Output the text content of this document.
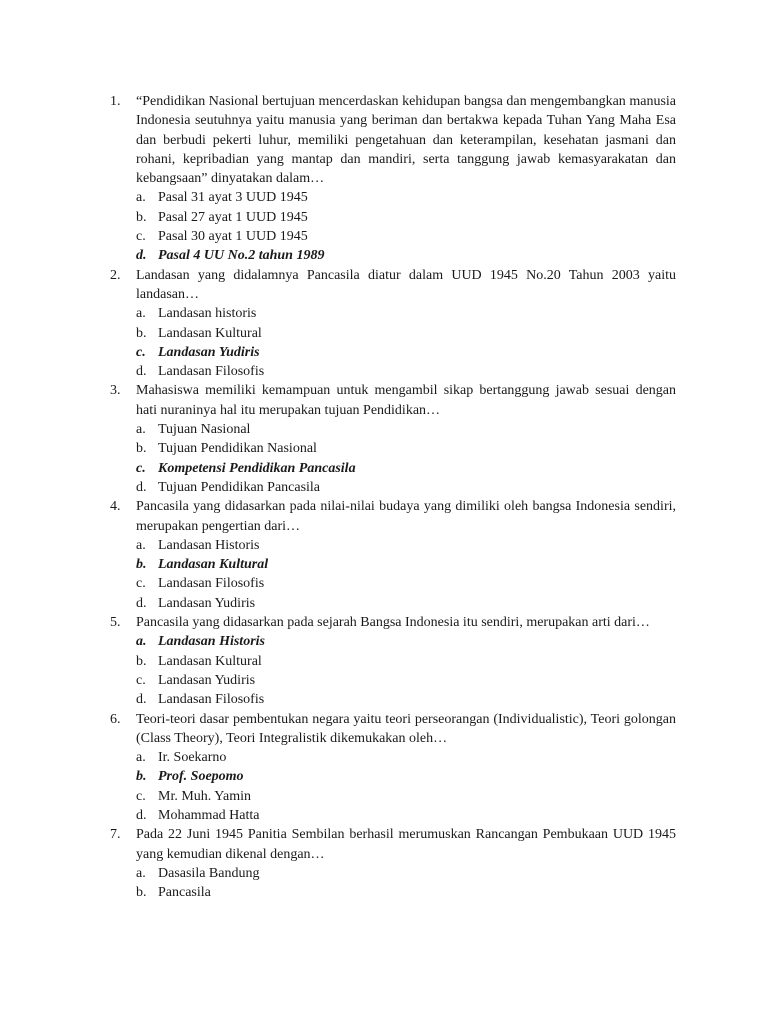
1. “Pendidikan Nasional bertujuan mencerdaskan kehidupan bangsa dan mengembangkan manusia Indonesia seutuhnya yaitu manusia yang beriman dan bertakwa kepada Tuhan Yang Maha Esa dan berbudi pekerti luhur, memiliki pengetahuan dan keterampilan, kesehatan jasmani dan rohani, kepribadian yang mantap dan mandiri, serta tanggung jawab kemasyarakatan dan kebangsaan” dinyatakan dalam…

a. Pasal 31 ayat 3 UUD 1945
b. Pasal 27 ayat 1 UUD 1945
c. Pasal 30 ayat 1 UUD 1945
d. Pasal 4 UU No.2 tahun 1989
2. Landasan yang didalamnya Pancasila diatur dalam UUD 1945 No.20 Tahun 2003 yaitu landasan…

a. Landasan historis
b. Landasan Kultural
c. Landasan Yudiris
d. Landasan Filosofis
3. Mahasiswa memiliki kemampuan untuk mengambil sikap bertanggung jawab sesuai dengan hati nuraninya hal itu merupakan tujuan Pendidikan…

a. Tujuan Nasional
b. Tujuan Pendidikan Nasional
c. Kompetensi Pendidikan Pancasila
d. Tujuan Pendidikan Pancasila
4. Pancasila yang didasarkan pada nilai-nilai budaya yang dimiliki oleh bangsa Indonesia sendiri, merupakan pengertian dari…

a. Landasan Historis
b. Landasan Kultural
c. Landasan Filosofis
d. Landasan Yudiris
5. Pancasila yang didasarkan pada sejarah Bangsa Indonesia itu sendiri, merupakan arti dari…

a. Landasan Historis
b. Landasan Kultural
c. Landasan Yudiris
d. Landasan Filosofis
6. Teori-teori dasar pembentukan negara yaitu teori perseorangan (Individualistic), Teori golongan (Class Theory), Teori Integralistik dikemukakan oleh…

a. Ir. Soekarno
b. Prof. Soepomo
c. Mr. Muh. Yamin
d. Mohammad Hatta
7. Pada 22 Juni 1945 Panitia Sembilan berhasil merumuskan Rancangan Pembukaan UUD 1945 yang kemudian dikenal dengan…

a. Dasasila Bandung
b. Pancasila
